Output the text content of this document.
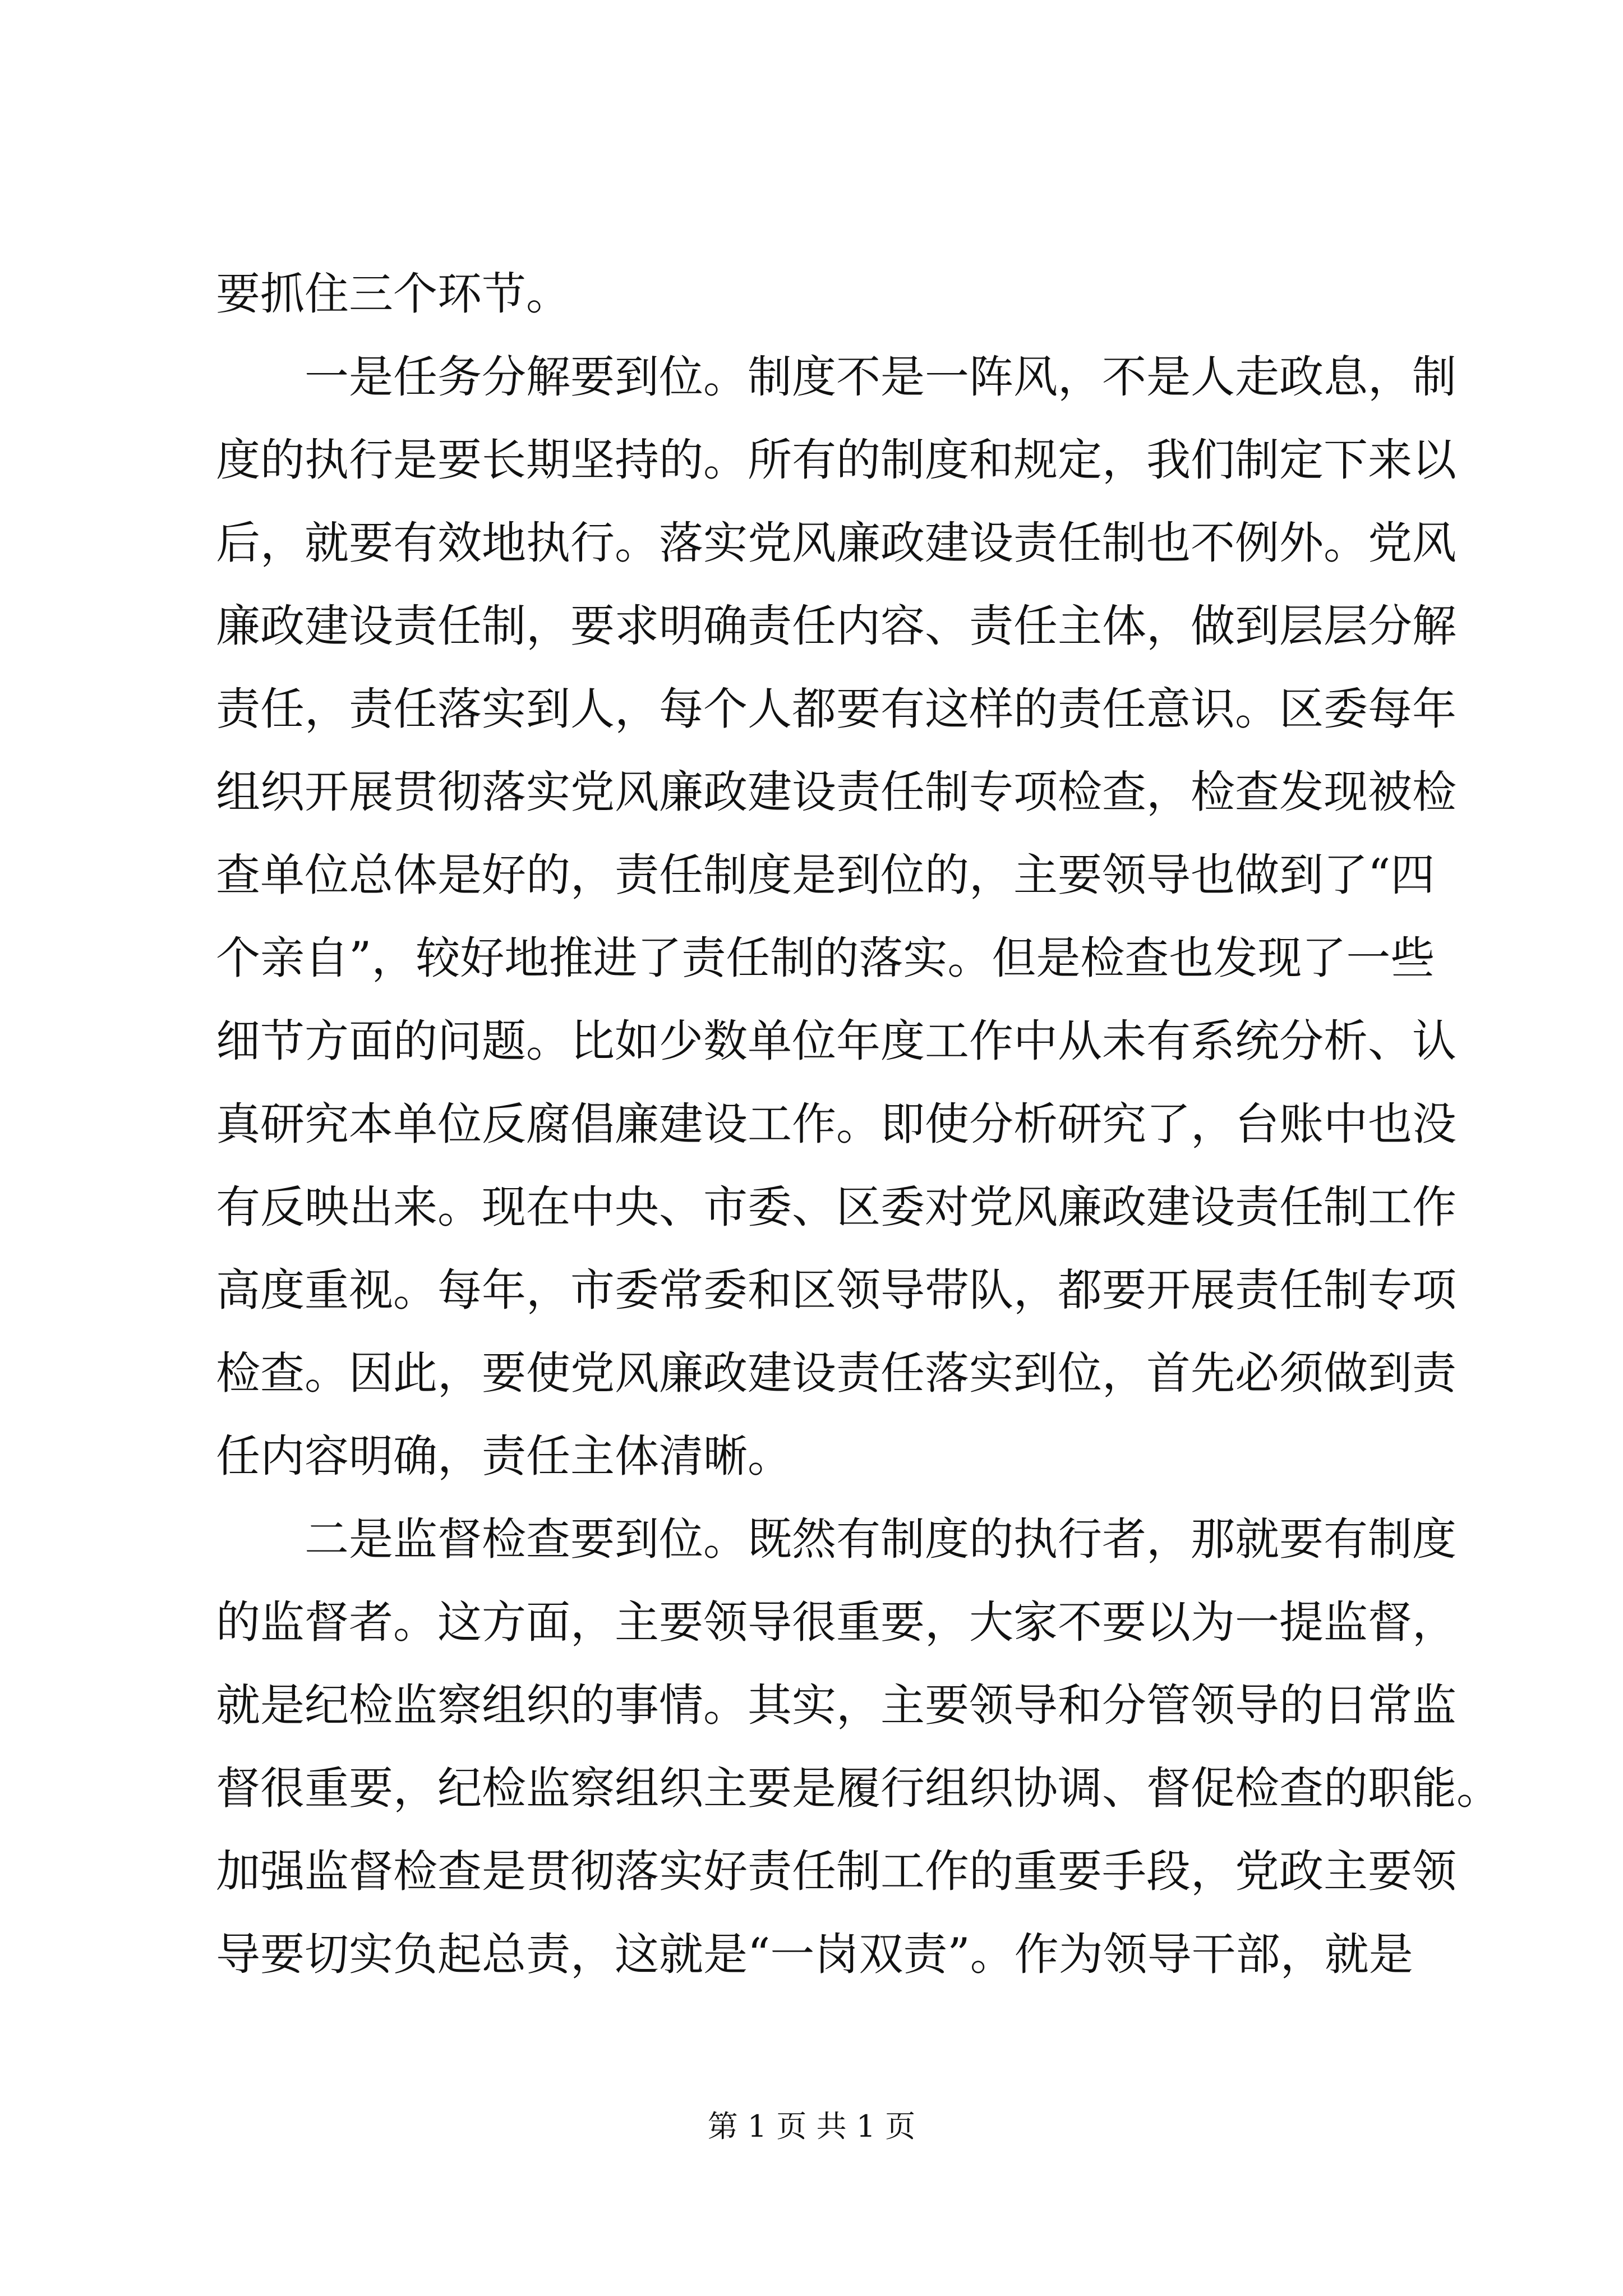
要抓住三个环节。
一是任务分解要到位。制度不是一阵风，不是人走政息，制
度的执行是要长期坚持的。所有的制度和规定，我们制定下来以
后，就要有效地执行。落实党风廉政建设责任制也不例外。党风
廉政建设责任制，要求明确责任内容、责任主体，做到层层分解
责任，责任落实到人，每个人都要有这样的责任意识。区委每年
组织开展贯彻落实党风廉政建设责任制专项检查，检查发现被检
查单位总体是好的，责任制度是到位的，主要领导也做到了“四
个亲自”，较好地推进了责任制的落实。但是检查也发现了一些
细节方面的问题。比如少数单位年度工作中从未有系统分析、认
真研究本单位反腐倡廉建设工作。即使分析研究了，台账中也没
有反映出来。现在中央、市委、区委对党风廉政建设责任制工作
高度重视。每年，市委常委和区领导带队，都要开展责任制专项
检查。因此，要使党风廉政建设责任落实到位，首先必须做到责
任内容明确，责任主体清晰。
二是监督检查要到位。既然有制度的执行者，那就要有制度
的监督者。这方面，主要领导很重要，大家不要以为一提监督，
就是纪检监察组织的事情。其实，主要领导和分管领导的日常监
督很重要，纪检监察组织主要是履行组织协调、督促检查的职能。
加强监督检查是贯彻落实好责任制工作的重要手段，党政主要领
导要切实负起总责，这就是“一岗双责”。作为领导干部，就是
第 1 页 共 1 页
